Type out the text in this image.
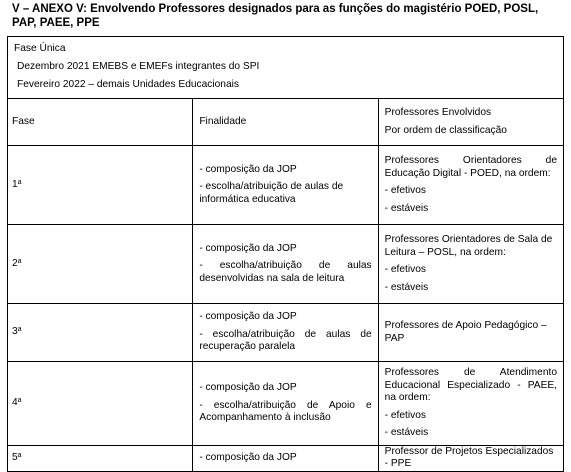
V – ANEXO V: Envolvendo Professores designados para as funções do magistério POED, POSL, PAP, PAEE, PPE
Fase Única
Dezembro 2021 EMEBS e EMEFs integrantes do SPI
Fevereiro 2022 – demais Unidades Educacionais		

Fase	Finalidade	Professores Envolvidos
Por ordem de classificação

1$^a$	- composição da JOP
- escolha/atribuição de aulas de informática educativa	Professores Orientadores de Educação Digital - POED, na ordem:
- efetivos
- estáveis

2$^a$	- composição da JOP
- escolha/atribuição de aulas desenvolvidas na sala de leitura	Professores Orientadores de Sala de Leitura – POSL, na ordem:
- efetivos
- estáveis

3$^a$	- composição da JOP
- escolha/atribuição de aulas de recuperação paralela	Professores de Apoio Pedagógico – PAP

4$^a$	- composição da JOP
- escolha/atribuição de Apoio e Acompanhamento à inclusão	Professores de Atendimento Educacional Especializado - PAEE, na ordem:
- efetivos
- estáveis

5$^a$	- composição da JOP	Professor de Projetos Especializados - PPE
